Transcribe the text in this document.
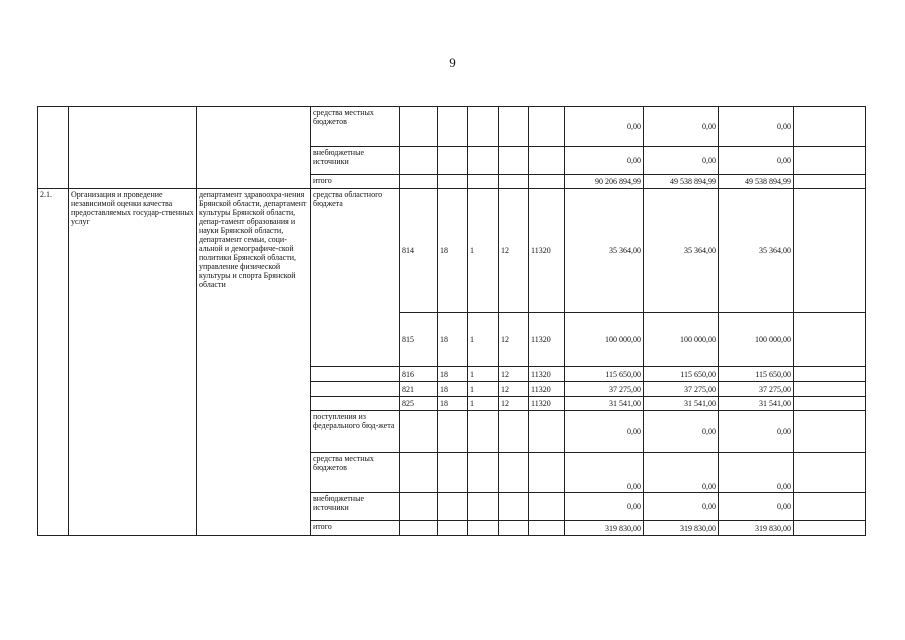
9
			средства местных бюджетов						0,00	0,00	0,00	
			внебюджетные источники						0,00	0,00	0,00	
			итого						90 206 894,99	49 538 894,99	49 538 894,99	
2.1.	Организация и проведение независимой оценки качества предоставляемых государ-ственных услуг	департамент здравоохра-нения Брянской области, департамент культуры Брянской области, депар-тамент образования и науки Брянской области, департамент семьи, соци-альной и демографиче-ской политики Брянской области, управление физической культуры и спорта Брянской области	средства областного бюджета	814	18	1	12	11320	35 364,00	35 364,00	35 364,00	
				815	18	1	12	11320	100 000,00	100 000,00	100 000,00	
				816	18	1	12	11320	115 650,00	115 650,00	115 650,00	
				821	18	1	12	11320	37 275,00	37 275,00	37 275,00	
				825	18	1	12	11320	31 541,00	31 541,00	31 541,00	
			поступления из федерального бюд-жета						0,00	0,00	0,00	
			средства местных бюджетов						0,00	0,00	0,00	
			внебюджетные источники						0,00	0,00	0,00	
			итого						319 830,00	319 830,00	319 830,00	
